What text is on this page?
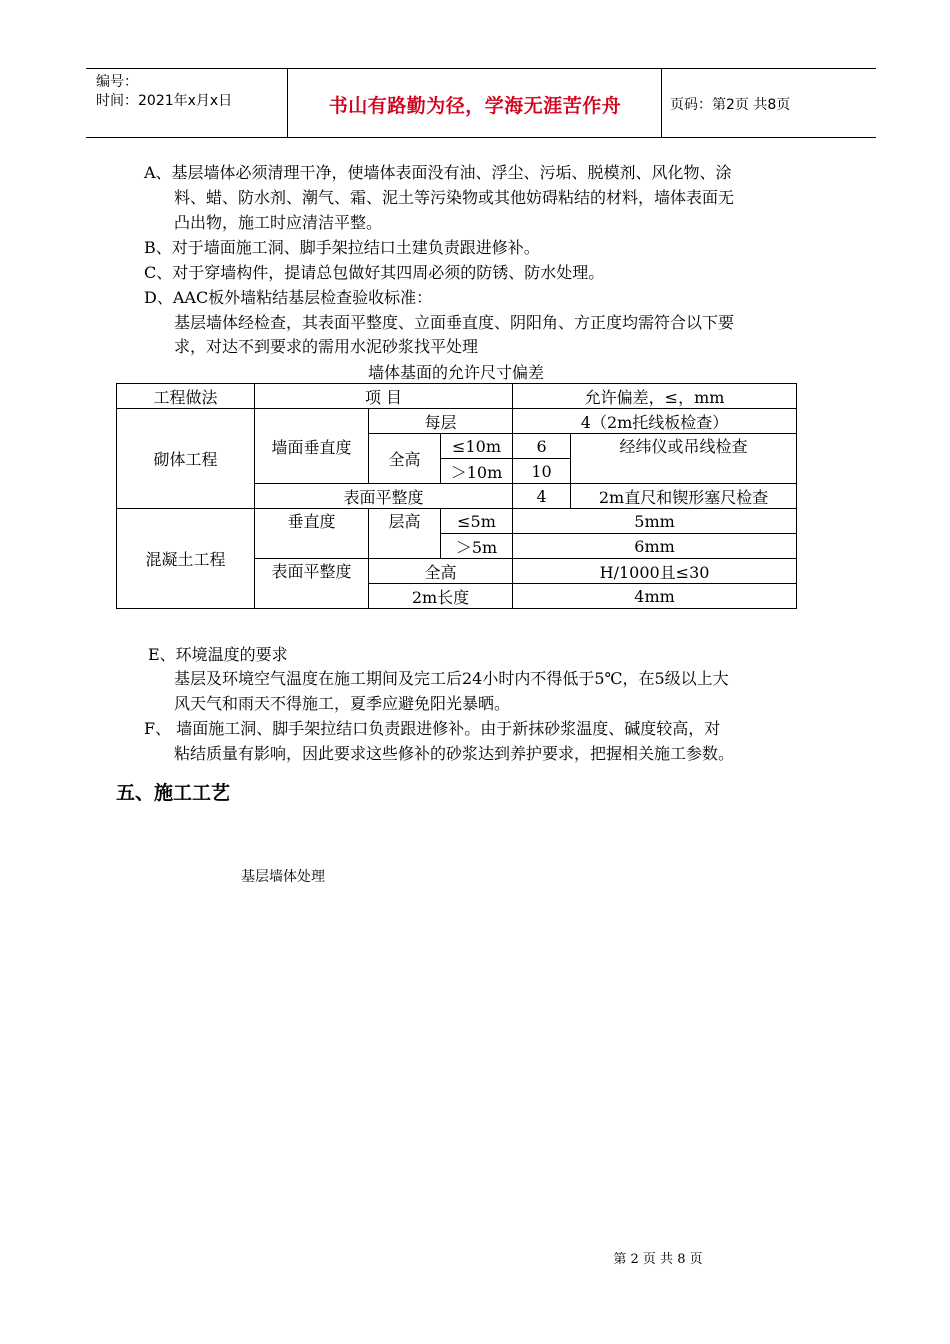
编号：
时间：2021年x月x日	书山有路勤为径，学海无涯苦作舟	页码：第2页 共8页
A、基层墙体必须清理干净，使墙体表面没有油、浮尘、污垢、脱模剂、风化物、涂
料、蜡、防水剂、潮气、霜、泥土等污染物或其他妨碍粘结的材料，墙体表面无
凸出物，施工时应清洁平整。
B、对于墙面施工洞、脚手架拉结口土建负责跟进修补。
C、对于穿墙构件，提请总包做好其四周必须的防锈、防水处理。
D、AAC板外墙粘结基层检查验收标准：
基层墙体经检查，其表面平整度、立面垂直度、阴阳角、方正度均需符合以下要
求，对达不到要求的需用水泥砂浆找平处理
墙体基面的允许尺寸偏差
工程做法	项 目			允许偏差，≤，mm	
砌体工程	墙面垂直度	每层		4（2m托线板检查）	
		全高	≤10m	6	经纬仪或吊线检查
			＞10m	10	
	表面平整度			4	2m直尺和锲形塞尺检查
混凝土工程	垂直度	层高	≤5m	5mm	
			＞5m	6mm	
	表面平整度	全高		H/1000且≤30	
		2m长度		4mm	
E、环境温度的要求
基层及环境空气温度在施工期间及完工后24小时内不得低于5℃，在5级以上大
风天气和雨天不得施工，夏季应避免阳光暴晒。
F、 墙面施工洞、脚手架拉结口负责跟进修补。由于新抹砂浆温度、碱度较高，对
粘结质量有影响，因此要求这些修补的砂浆达到养护要求，把握相关施工参数。
五、施工工艺
基层墙体处理
第 2 页 共 8 页
